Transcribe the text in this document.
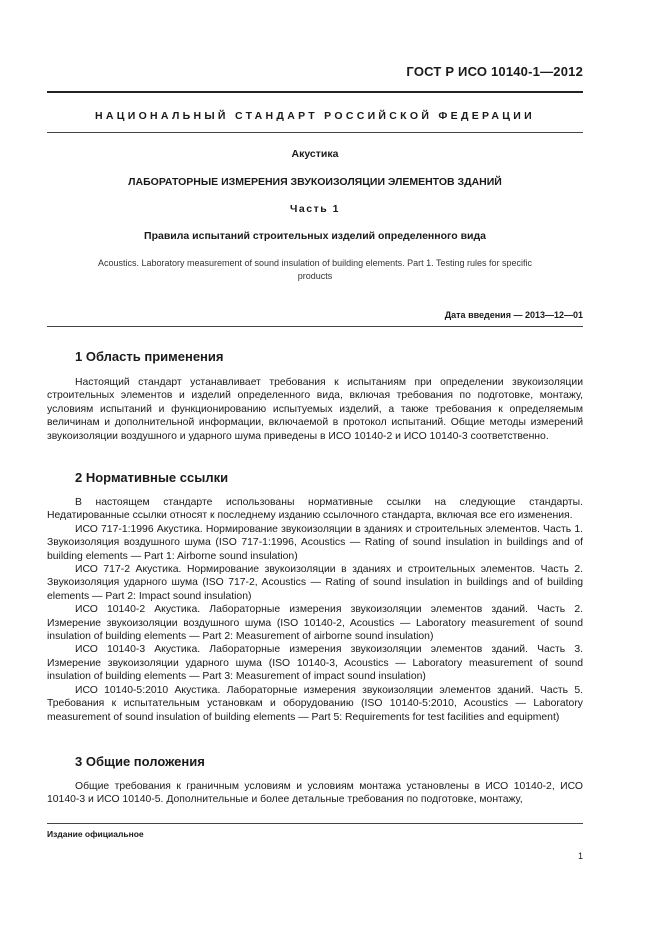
ГОСТ Р ИСО 10140-1—2012
НАЦИОНАЛЬНЫЙ СТАНДАРТ РОССИЙСКОЙ ФЕДЕРАЦИИ
Акустика
ЛАБОРАТОРНЫЕ ИЗМЕРЕНИЯ ЗВУКОИЗОЛЯЦИИ ЭЛЕМЕНТОВ ЗДАНИЙ
Часть 1
Правила испытаний строительных изделий определенного вида
Acoustics. Laboratory measurement of sound insulation of building elements. Part 1. Testing rules for specific products
Дата введения — 2013—12—01
1 Область применения

Настоящий стандарт устанавливает требования к испытаниям при определении звукоизоляции строительных элементов и изделий определенного вида, включая требования по подготовке, монтажу, условиям испытаний и функционированию испытуемых изделий, а также требования к определяемым величинам и дополнительной информации, включаемой в протокол испытаний. Общие методы измерений звукоизоляции воздушного и ударного шума приведены в ИСО 10140-2 и ИСО 10140-3 соответственно.

2 Нормативные ссылки

В настоящем стандарте использованы нормативные ссылки на следующие стандарты. Недатированные ссылки относят к последнему изданию ссылочного стандарта, включая все его изменения.

ИСО 717-1:1996 Акустика. Нормирование звукоизоляции в зданиях и строительных элементов. Часть 1. Звукоизоляция воздушного шума (ISO 717-1:1996, Acoustics — Rating of sound insulation in buildings and of building elements — Part 1: Airborne sound insulation)

ИСО 717-2 Акустика. Нормирование звукоизоляции в зданиях и строительных элементов. Часть 2. Звукоизоляция ударного шума (ISO 717-2, Acoustics — Rating of sound insulation in buildings and of building elements — Part 2: Impact sound insulation)

ИСО 10140-2 Акустика. Лабораторные измерения звукоизоляции элементов зданий. Часть 2. Измерение звукоизоляции воздушного шума (ISO 10140-2, Acoustics — Laboratory measurement of sound insulation of building elements — Part 2: Measurement of airborne sound insulation)

ИСО 10140-3 Акустика. Лабораторные измерения звукоизоляции элементов зданий. Часть 3. Измерение звукоизоляции ударного шума (ISO 10140-3, Acoustics — Laboratory measurement of sound insulation of building elements — Part 3: Measurement of impact sound insulation)

ИСО 10140-5:2010 Акустика. Лабораторные измерения звукоизоляции элементов зданий. Часть 5. Требования к испытательным установкам и оборудованию (ISO 10140-5:2010, Acoustics — Laboratory measurement of sound insulation of building elements — Part 5: Requirements for test facilities and equipment)

3 Общие положения

Общие требования к граничным условиям и условиям монтажа установлены в ИСО 10140-2, ИСО 10140-3 и ИСО 10140-5. Дополнительные и более детальные требования по подготовке, монтажу,

Издание официальное
1
